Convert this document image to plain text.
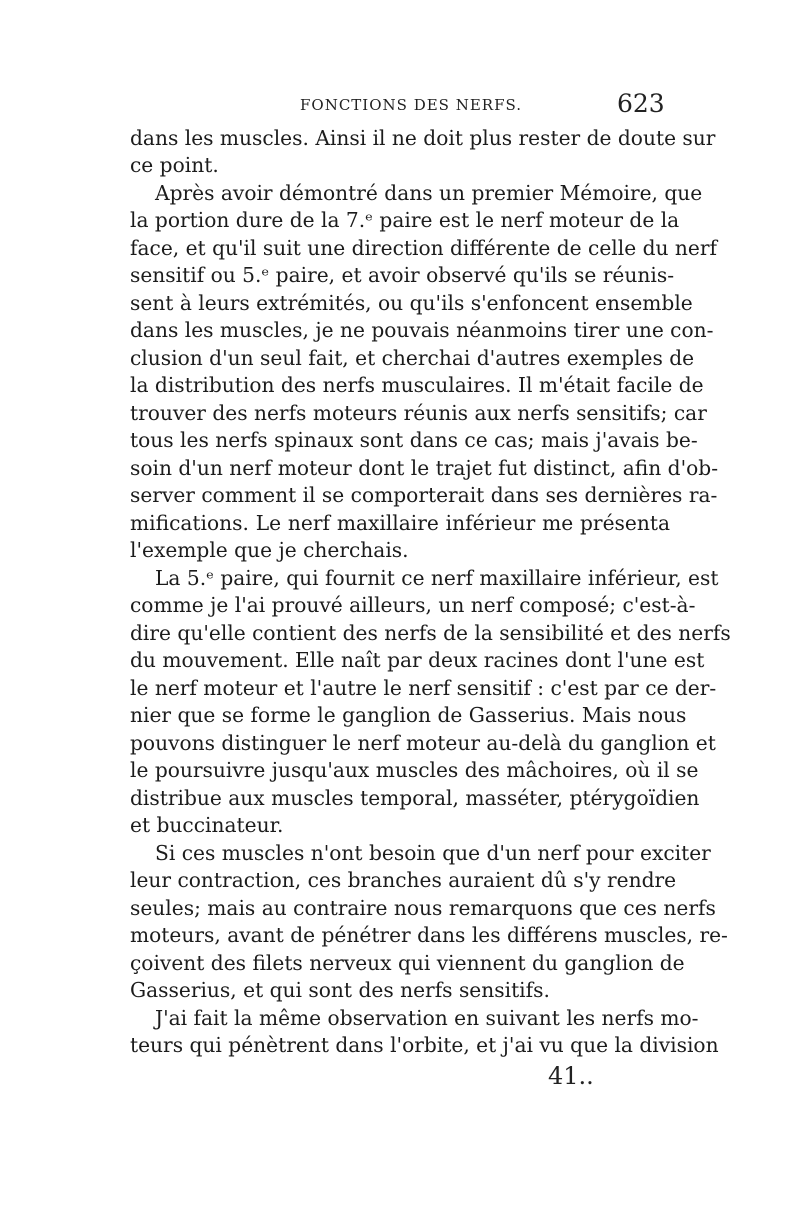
FONCTIONS DES NERFS.	623
dans les muscles. Ainsi il ne doit plus rester de doute sur
ce point.
Après avoir démontré dans un premier Mémoire, que
la portion dure de la 7.ᵉ paire est le nerf moteur de la
face, et qu'il suit une direction différente de celle du nerf
sensitif ou 5.ᵉ paire, et avoir observé qu'ils se réunis-
sent à leurs extrémités, ou qu'ils s'enfoncent ensemble
dans les muscles, je ne pouvais néanmoins tirer une con-
clusion d'un seul fait, et cherchai d'autres exemples de
la distribution des nerfs musculaires. Il m'était facile de
trouver des nerfs moteurs réunis aux nerfs sensitifs; car
tous les nerfs spinaux sont dans ce cas; mais j'avais be-
soin d'un nerf moteur dont le trajet fut distinct, afin d'ob-
server comment il se comporterait dans ses dernières ra-
mifications. Le nerf maxillaire inférieur me présenta
l'exemple que je cherchais.
La 5.ᵉ paire, qui fournit ce nerf maxillaire inférieur, est
comme je l'ai prouvé ailleurs, un nerf composé; c'est-à-
dire qu'elle contient des nerfs de la sensibilité et des nerfs
du mouvement. Elle naît par deux racines dont l'une est
le nerf moteur et l'autre le nerf sensitif : c'est par ce der-
nier que se forme le ganglion de Gasserius. Mais nous
pouvons distinguer le nerf moteur au-delà du ganglion et
le poursuivre jusqu'aux muscles des mâchoires, où il se
distribue aux muscles temporal, masséter, ptérygoïdien
et buccinateur.
Si ces muscles n'ont besoin que d'un nerf pour exciter
leur contraction, ces branches auraient dû s'y rendre
seules; mais au contraire nous remarquons que ces nerfs
moteurs, avant de pénétrer dans les différens muscles, re-
çoivent des filets nerveux qui viennent du ganglion de
Gasserius, et qui sont des nerfs sensitifs.
J'ai fait la même observation en suivant les nerfs mo-
teurs qui pénètrent dans l'orbite, et j'ai vu que la division
41..
